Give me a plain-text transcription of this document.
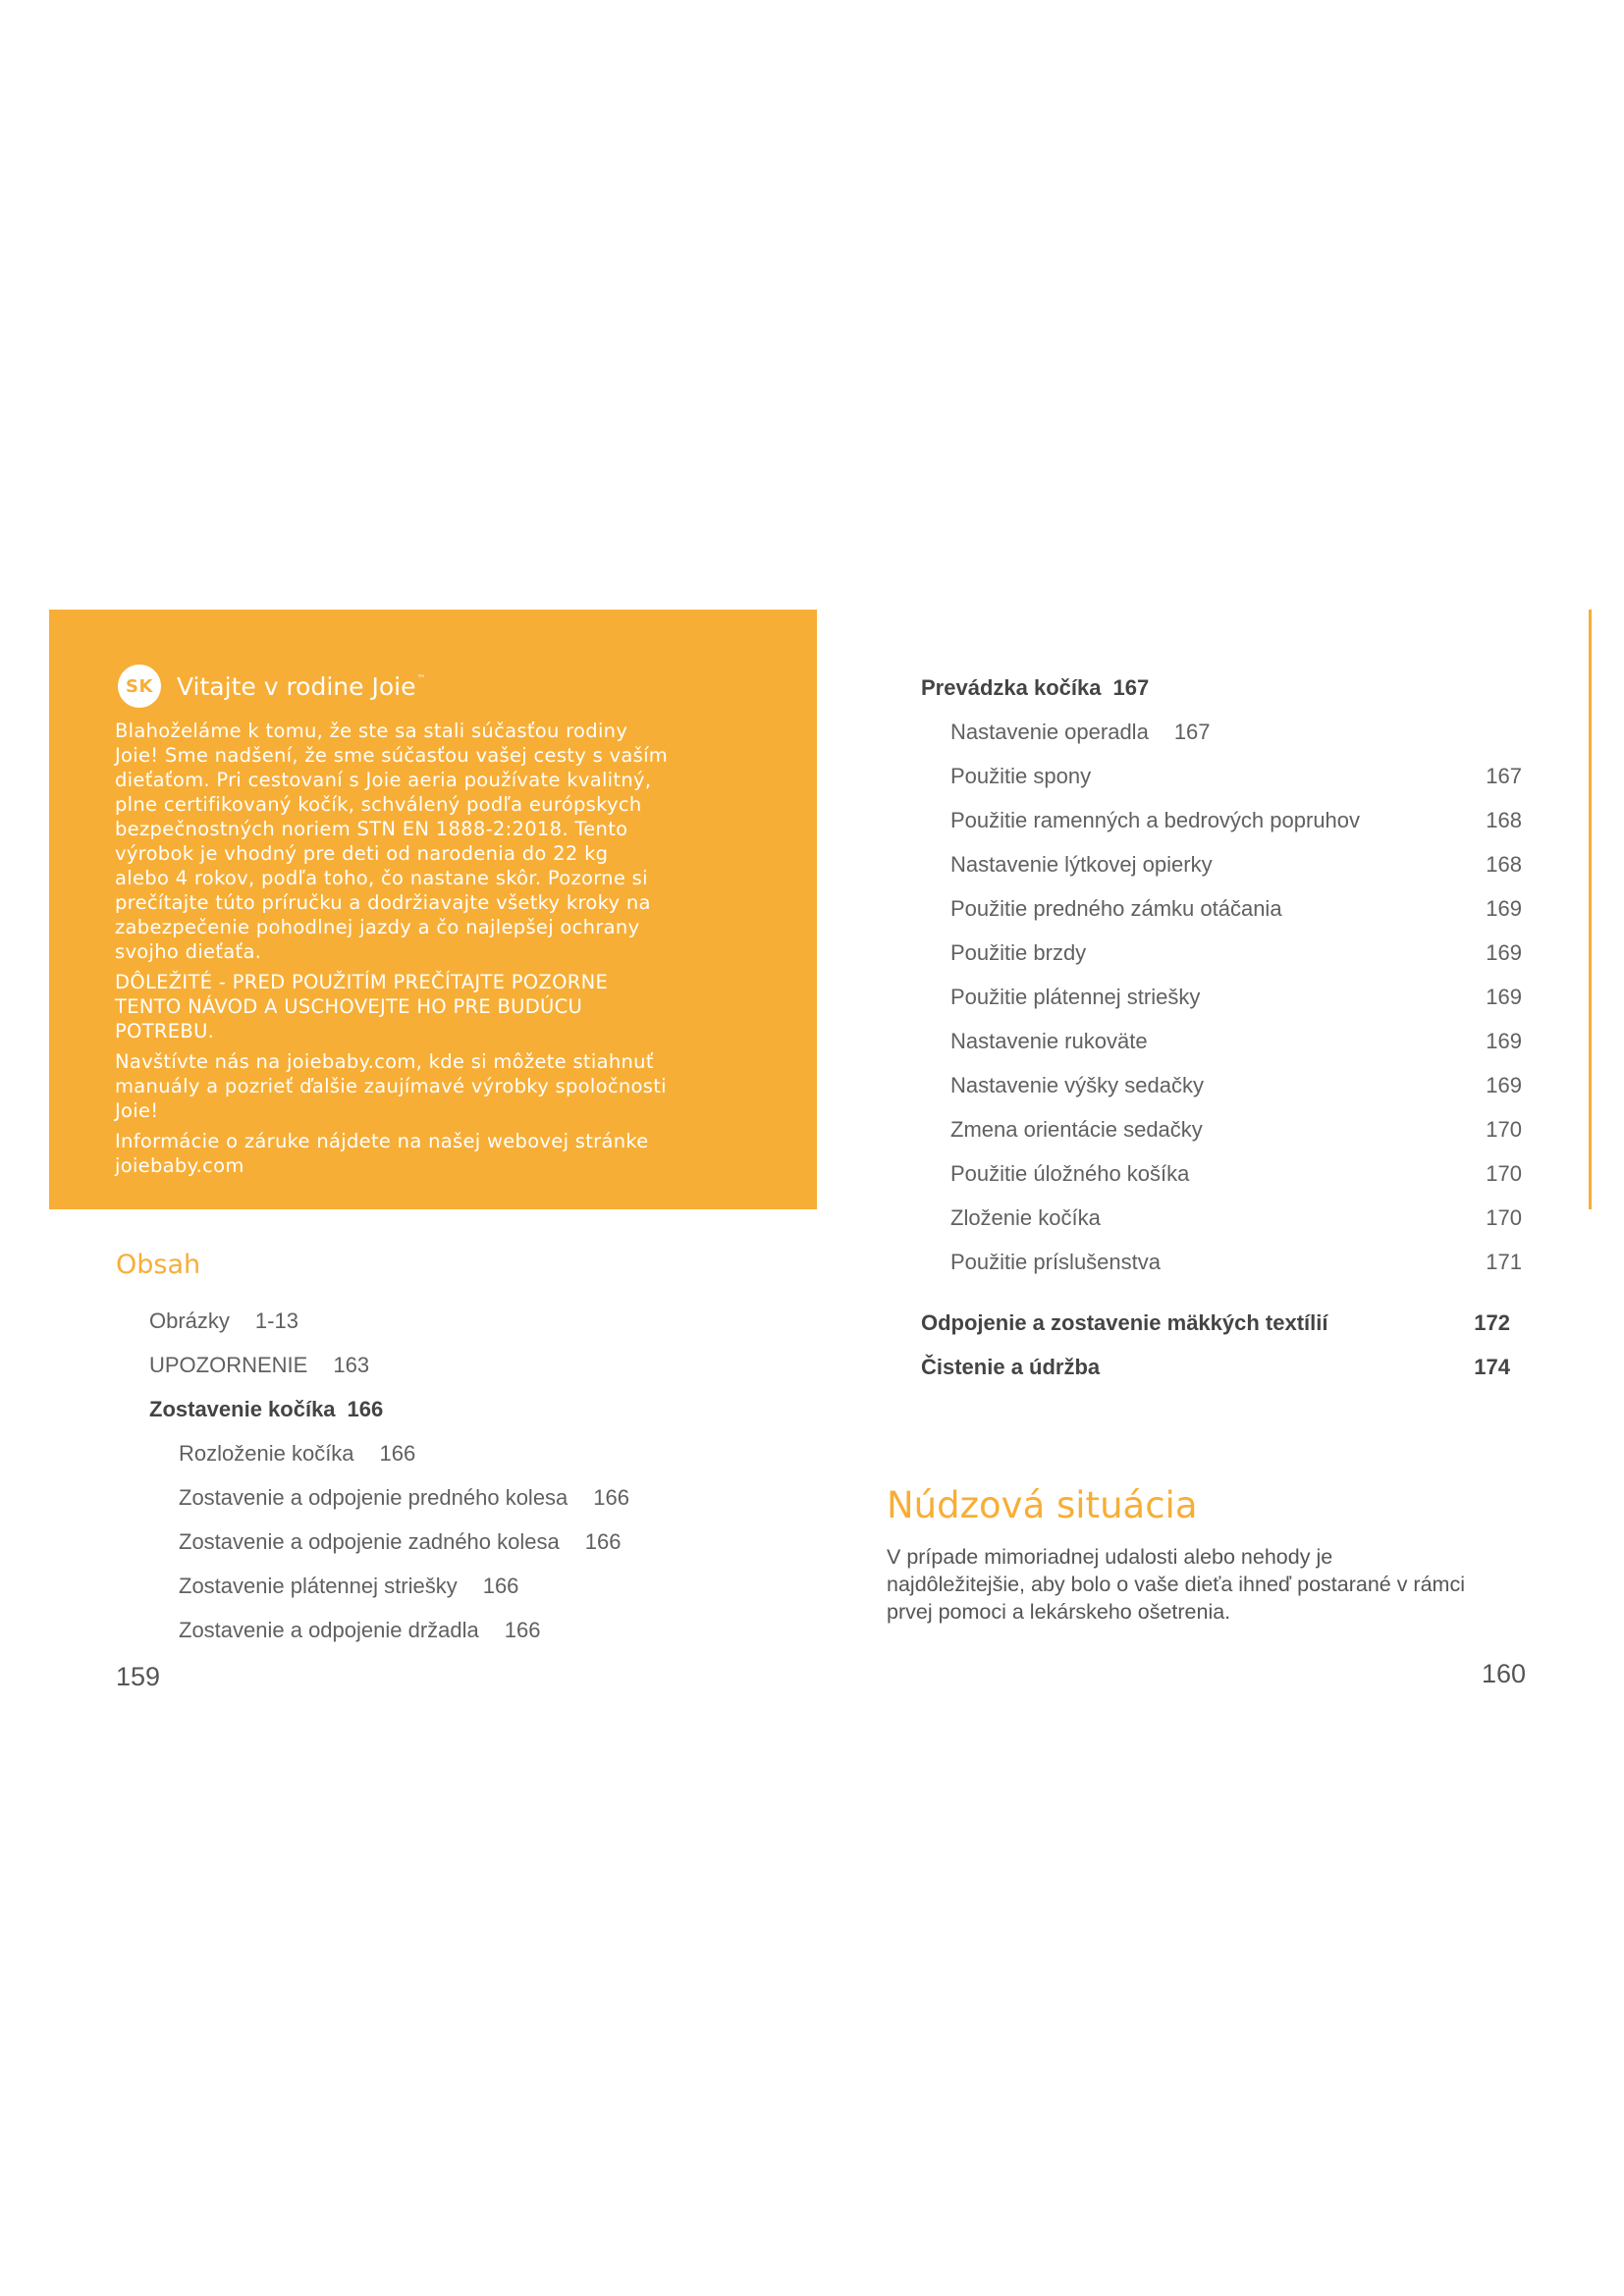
SK Vitajte v rodine Joie™

Blahoželáme k tomu, že ste sa stali súčasťou rodiny
Joie! Sme nadšení, že sme súčasťou vašej cesty s vaším
dieťaťom. Pri cestovaní s Joie aeria používate kvalitný,
plne certifikovaný kočík, schválený podľa európskych
bezpečnostných noriem STN EN 1888-2:2018. Tento
výrobok je vhodný pre deti od narodenia do 22 kg
alebo 4 rokov, podľa toho, čo nastane skôr. Pozorne si
prečítajte túto príručku a dodržiavajte všetky kroky na
zabezpečenie pohodlnej jazdy a čo najlepšej ochrany
svojho dieťaťa.

DÔLEŽITÉ - PRED POUŽITÍM PREČÍTAJTE POZORNE
TENTO NÁVOD A USCHOVEJTE HO PRE BUDÚCU
POTREBU.

Navštívte nás na joiebaby.com, kde si môžete stiahnuť
manuály a pozrieť ďalšie zaujímavé výrobky spoločnosti
Joie!

Informácie o záruke nájdete na našej webovej stránke
joiebaby.com

Obsah
Obrázky 1-13
UPOZORNENIE 163
Zostavenie kočíka 166
Rozloženie kočíka 166
Zostavenie a odpojenie predného kolesa 166
Zostavenie a odpojenie zadného kolesa 166
Zostavenie plátennej striešky 166
Zostavenie a odpojenie držadla 166
159
Prevádzka kočíka 167
Nastavenie operadla 167
Použitie spony	167
Použitie ramenných a bedrových popruhov	168
Nastavenie lýtkovej opierky	168
Použitie predného zámku otáčania	169
Použitie brzdy	169
Použitie plátennej striešky	169
Nastavenie rukoväte	169
Nastavenie výšky sedačky	169
Zmena orientácie sedačky	170
Použitie úložného košíka	170
Zloženie kočíka	170
Použitie príslušenstva	171
Odpojenie a zostavenie mäkkých textílií	172
Čistenie a údržba	174
Núdzová situácia
V prípade mimoriadnej udalosti alebo nehody je
najdôležitejšie, aby bolo o vaše dieťa ihneď postarané v rámci
prvej pomoci a lekárskeho ošetrenia.
160
